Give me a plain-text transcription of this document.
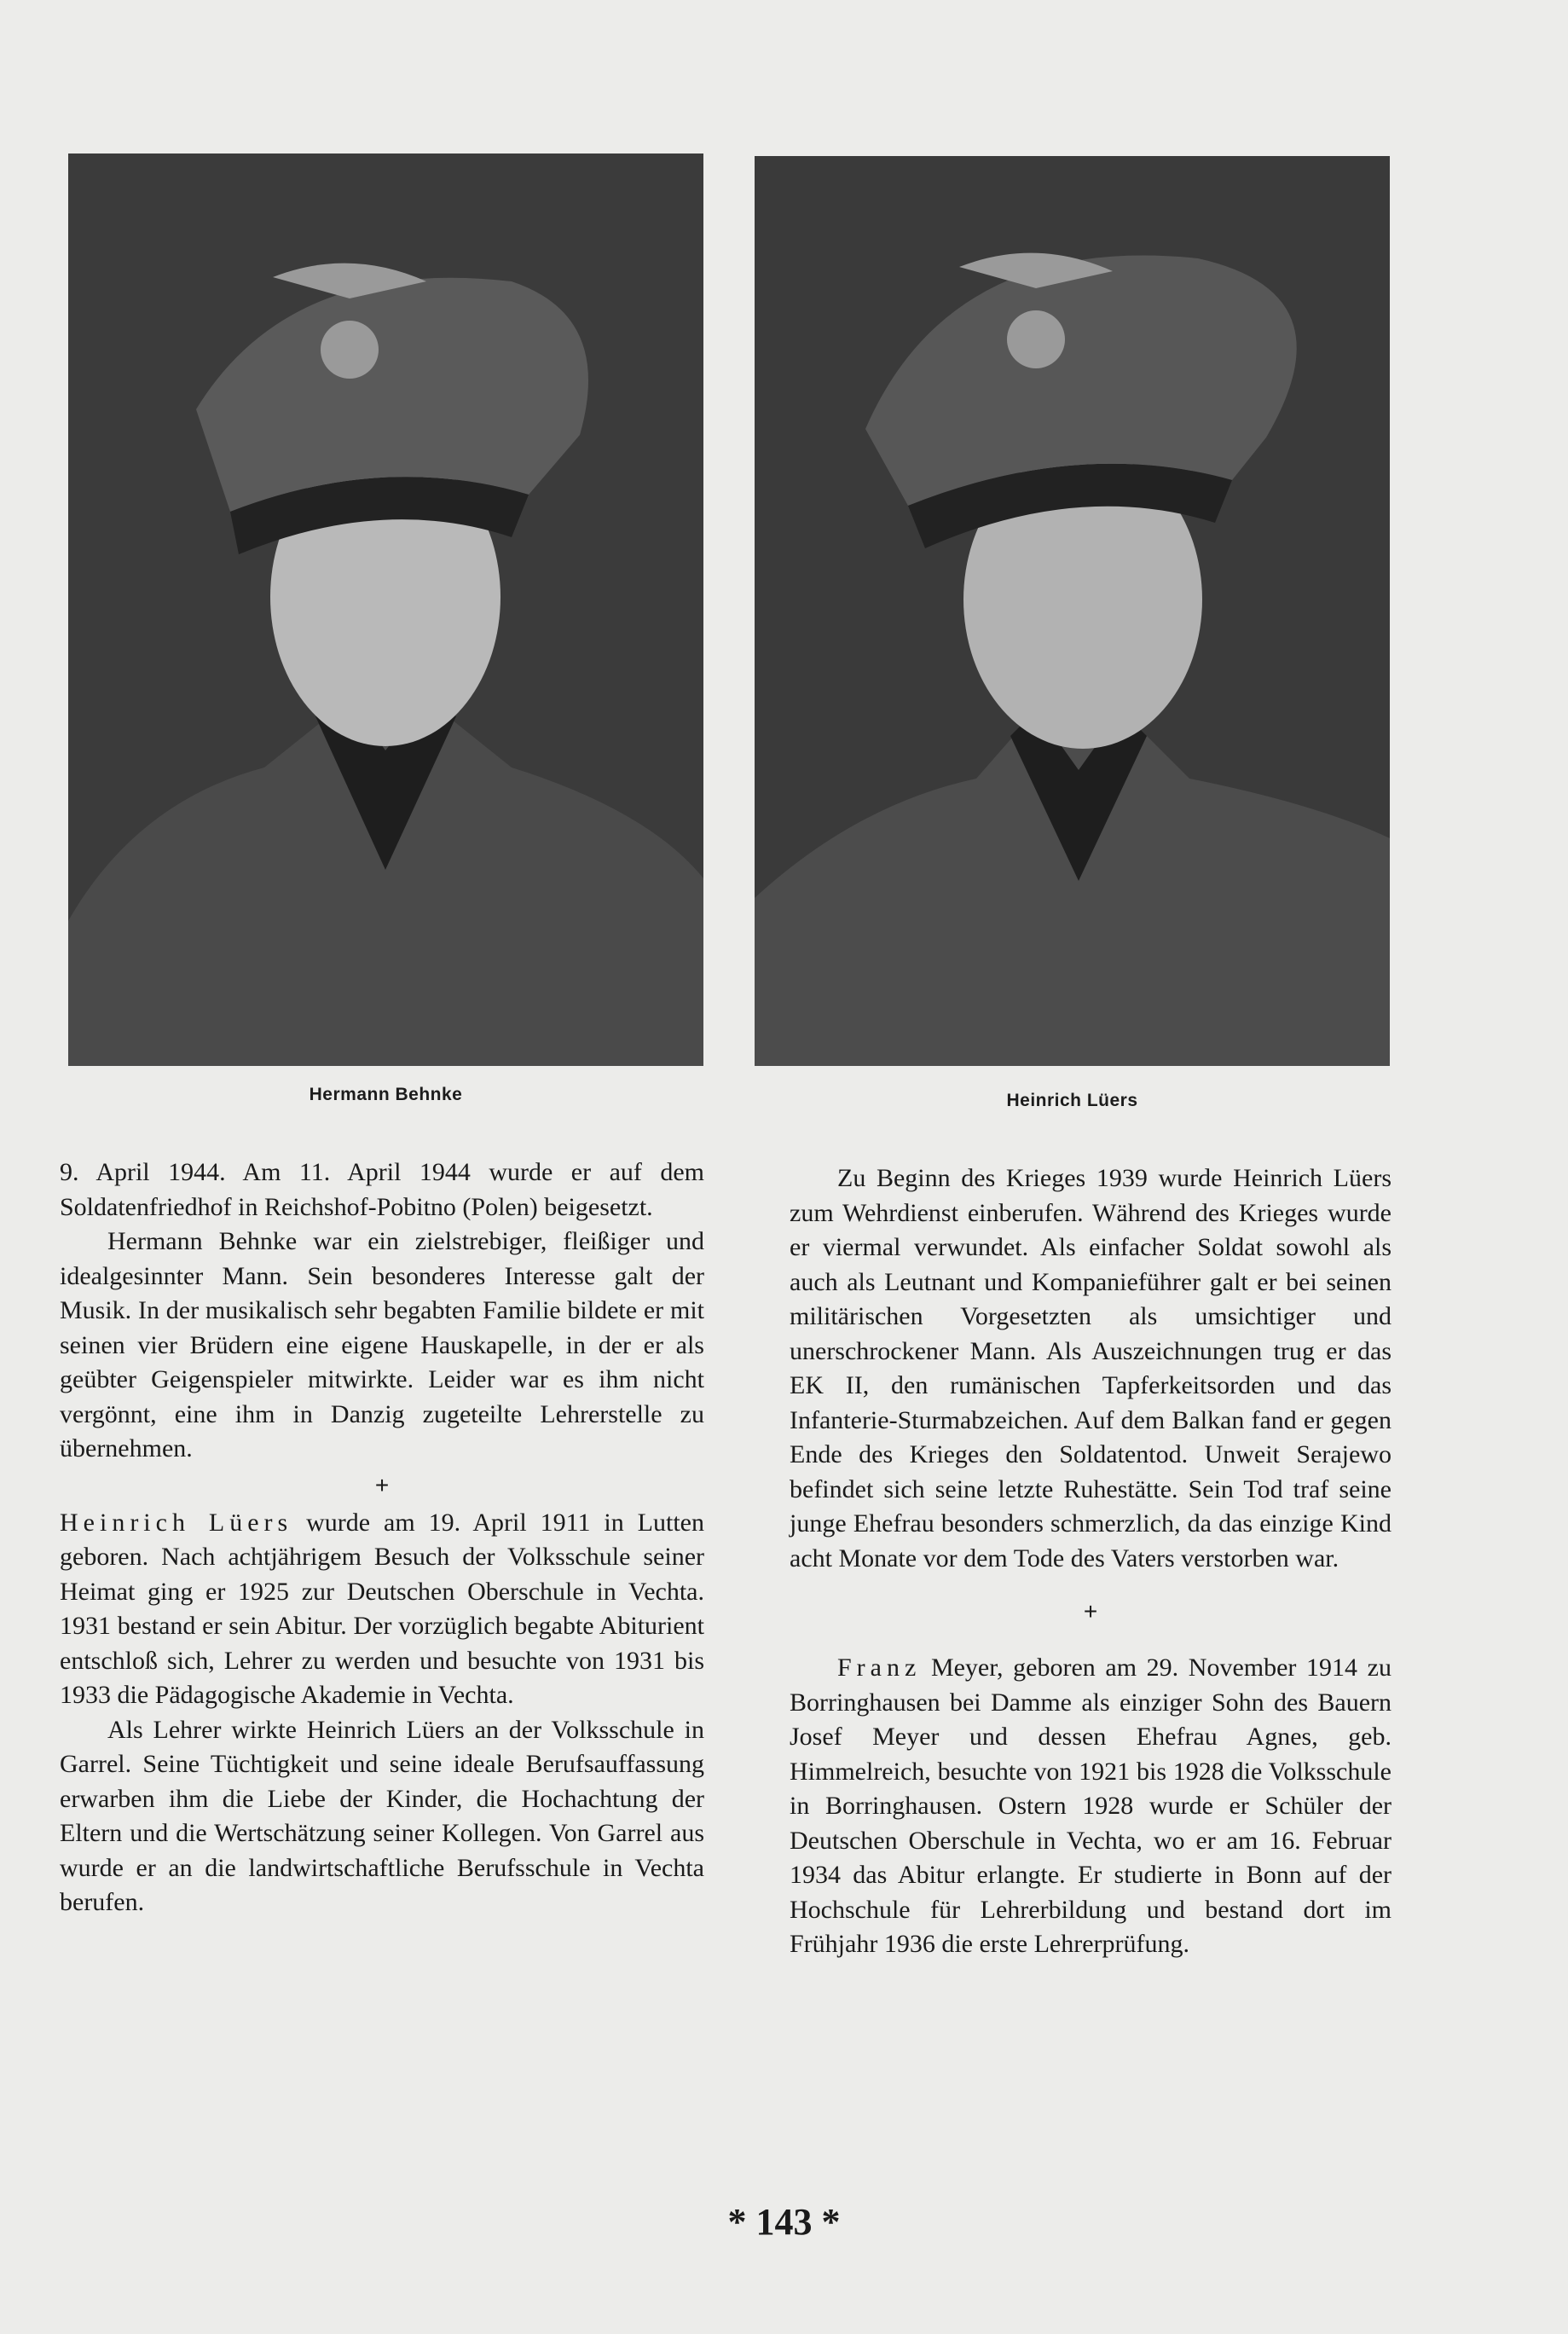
Hermann Behnke	Heinrich Lüers

9. April 1944. Am 11. April 1944 wurde er auf dem Soldatenfriedhof in Reichshof-Pobitno (Polen) beigesetzt.

Hermann Behnke war ein zielstrebiger, fleißiger und idealgesinnter Mann. Sein besonderes Interesse galt der Musik. In der musikalisch sehr begabten Familie bildete er mit seinen vier Brüdern eine eigene Hauskapelle, in der er als geübter Geigenspieler mitwirkte. Leider war es ihm nicht vergönnt, eine ihm in Danzig zugeteilte Lehrerstelle zu übernehmen.

+

Heinrich Lüers wurde am 19. April 1911 in Lutten geboren. Nach achtjährigem Besuch der Volksschule seiner Heimat ging er 1925 zur Deutschen Oberschule in Vechta. 1931 bestand er sein Abitur. Der vorzüglich begabte Abiturient entschloß sich, Lehrer zu werden und besuchte von 1931 bis 1933 die Pädagogische Akademie in Vechta.

Als Lehrer wirkte Heinrich Lüers an der Volksschule in Garrel. Seine Tüchtigkeit und seine ideale Berufsauffassung erwarben ihm die Liebe der Kinder, die Hochachtung der Eltern und die Wertschätzung seiner Kollegen. Von Garrel aus wurde er an die landwirtschaftliche Berufsschule in Vechta berufen.

Zu Beginn des Krieges 1939 wurde Heinrich Lüers zum Wehrdienst einberufen. Während des Krieges wurde er viermal verwundet. Als einfacher Soldat sowohl als auch als Leutnant und Kompanieführer galt er bei seinen militärischen Vorgesetzten als umsichtiger und unerschrockener Mann. Als Auszeichnungen trug er das EK II, den rumänischen Tapferkeitsorden und das Infanterie-Sturmabzeichen. Auf dem Balkan fand er gegen Ende des Krieges den Soldatentod. Unweit Serajewo befindet sich seine letzte Ruhestätte. Sein Tod traf seine junge Ehefrau besonders schmerzlich, da das einzige Kind acht Monate vor dem Tode des Vaters verstorben war.

+

Franz Meyer, geboren am 29. November 1914 zu Borringhausen bei Damme als einziger Sohn des Bauern Josef Meyer und dessen Ehefrau Agnes, geb. Himmelreich, besuchte von 1921 bis 1928 die Volksschule in Borringhausen. Ostern 1928 wurde er Schüler der Deutschen Oberschule in Vechta, wo er am 16. Februar 1934 das Abitur erlangte. Er studierte in Bonn auf der Hochschule für Lehrerbildung und bestand dort im Frühjahr 1936 die erste Lehrerprüfung.

* 143 *
